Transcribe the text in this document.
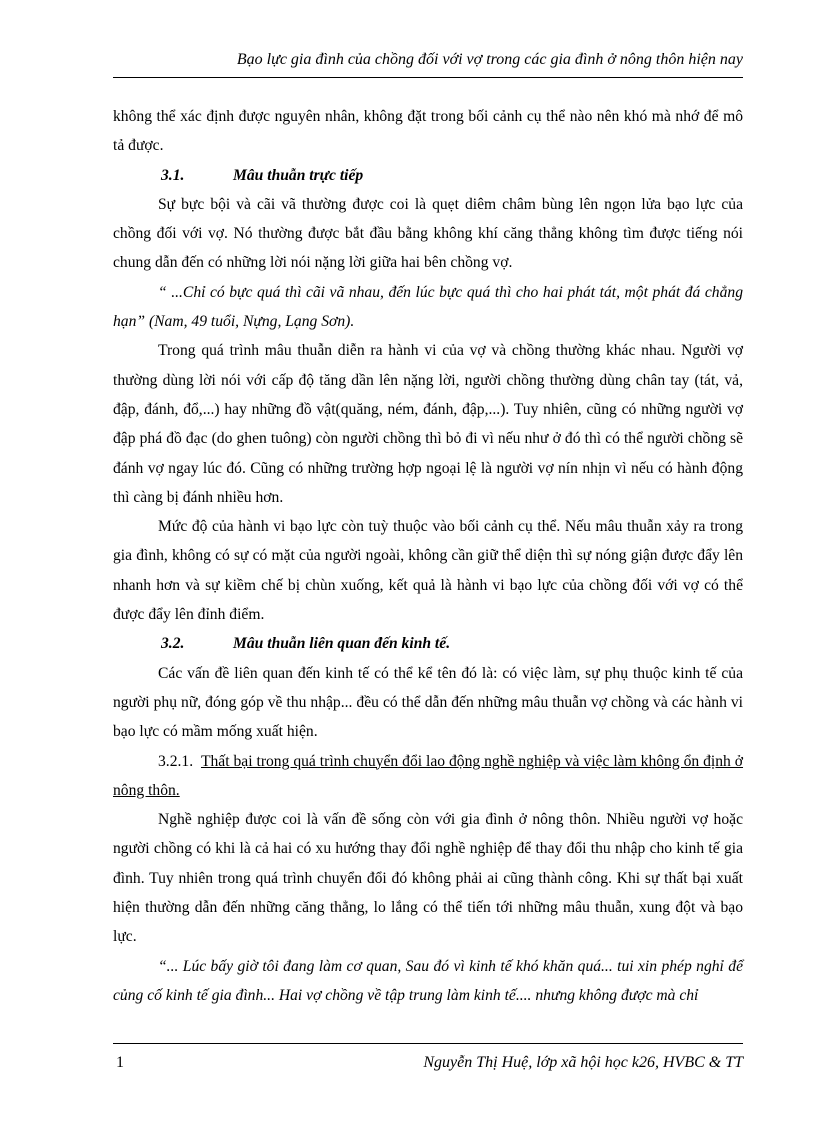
Bạo lực gia đình của chồng đối với vợ trong các gia đình ở nông thôn hiện nay

không thể xác định được nguyên nhân, không đặt trong bối cảnh cụ thể nào nên khó mà nhớ để mô tả được.

3.1.	Mâu thuẫn trực tiếp

Sự bực bội và cãi vã thường được coi là quẹt diêm châm bùng lên ngọn lửa bạo lực của chồng đối với vợ. Nó thường được bắt đầu bằng không khí căng thẳng không tìm được tiếng nói chung dẫn đến có những lời nói nặng lời giữa hai bên chồng vợ.

“ ...Chỉ có bực quá thì cãi vã nhau, đến lúc bực quá thì cho hai phát tát, một phát đá chẳng hạn” (Nam, 49 tuổi, Nựng, Lạng Sơn).

Trong quá trình mâu thuẫn diễn ra hành vi của vợ và chồng thường khác nhau. Người vợ thường dùng lời nói với cấp độ tăng dần lên nặng lời, người chồng thường dùng chân tay (tát, vả, đập, đánh, đổ,...) hay những đồ vật(quăng, ném, đánh, đập,...). Tuy nhiên, cũng có những người vợ đập phá đồ đạc (do ghen tuông) còn người chồng thì bỏ đi vì nếu như ở đó thì có thể người chồng sẽ đánh vợ ngay lúc đó. Cũng có những trường hợp ngoại lệ là người vợ nín nhịn vì nếu có hành động thì càng bị đánh nhiều hơn.

Mức độ của hành vi bạo lực còn tuỳ thuộc vào bối cảnh cụ thể. Nếu mâu thuẫn xảy ra trong gia đình, không có sự có mặt của người ngoài, không cần giữ thể diện thì sự nóng giận được đẩy lên nhanh hơn và sự kiềm chế bị chùn xuống, kết quả là hành vi bạo lực của chồng đối với vợ có thể được đẩy lên đỉnh điểm.

3.2.	Mâu thuẫn liên quan đến kinh tế.

Các vấn đề liên quan đến kinh tế có thể kể tên đó là: có việc làm, sự phụ thuộc kinh tế của người phụ nữ, đóng góp về thu nhập... đều có thể dẫn đến những mâu thuẫn vợ chồng và các hành vi bạo lực có mầm mống xuất hiện.

3.2.1. Thất bại trong quá trình chuyển đổi lao động nghề nghiệp và việc làm không ổn định ở nông thôn.

Nghề nghiệp được coi là vấn đề sống còn với gia đình ở nông thôn. Nhiều người vợ hoặc người chồng có khi là cả hai có xu hướng thay đổi nghề nghiệp để thay đổi thu nhập cho kinh tế gia đình. Tuy nhiên trong quá trình chuyển đổi đó không phải ai cũng thành công. Khi sự thất bại xuất hiện thường dẫn đến những căng thẳng, lo lắng có thể tiến tới những mâu thuẫn, xung đột và bạo lực.

“... Lúc bấy giờ tôi đang làm cơ quan, Sau đó vì kinh tế khó khăn quá... tui xin phép nghỉ để củng cố kinh tế gia đình... Hai vợ chồng về tập trung làm kinh tế.... nhưng không được mà chỉ

1	Nguyễn Thị Huệ, lớp xã hội học k26, HVBC & TT
